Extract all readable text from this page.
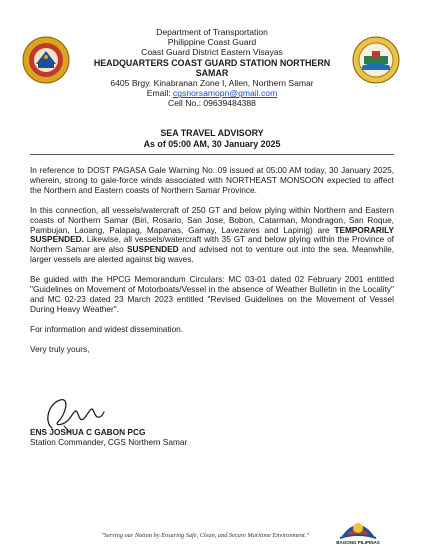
Department of Transportation
Philippine Coast Guard
Coast Guard District Eastern Visayas
HEADQUARTERS COAST GUARD STATION NORTHERN SAMAR
6405 Brgy. Kinabranan Zone I, Allen, Northern Samar
Email: cgsnorsamopn@gmail.com
Cell No.: 09639484388
SEA TRAVEL ADVISORY
As of 05:00 AM, 30 January 2025

In reference to DOST PAGASA Gale Warning No. 09 issued at 05:00 AM today, 30 January 2025, wherein, strong to gale-force winds associated with NORTHEAST MONSOON expected to affect the Northern and Eastern coasts of Northern Samar Province.

In this connection, all vessels/watercraft of 250 GT and below plying within Northern and Eastern coasts of Northern Samar (Biri, Rosario, San Jose, Bobon, Catarman, Mondragon, San Roque, Pambujan, Laoang, Palapag, Mapanas, Gamay, Lavezares and Lapinig) are TEMPORARILY SUSPENDED. Likewise, all vessels/watercraft with 35 GT and below plying within the Province of Northern Samar are also SUSPENDED and advised not to venture out into the sea. Meanwhile, larger vessels are alerted against big waves.

Be guided with the HPCG Memorandum Circulars: MC 03-01 dated 02 February 2001 entitled "Guidelines on Movement of Motorboats/Vessel in the absence of Weather Bulletin in the Locality" and MC 02-23 dated 23 March 2023 entitled "Revised Guidelines on the Movement of Vessel During Heavy Weather".

For information and widest dissemination.

Very truly yours,

ENS JOSHUA C GABON PCG
Station Commander, CGS Northern Samar
"Serving our Nation by Ensuring Safe, Clean, and Secure Maritime Environment."
BAGONG PILIPINAS
